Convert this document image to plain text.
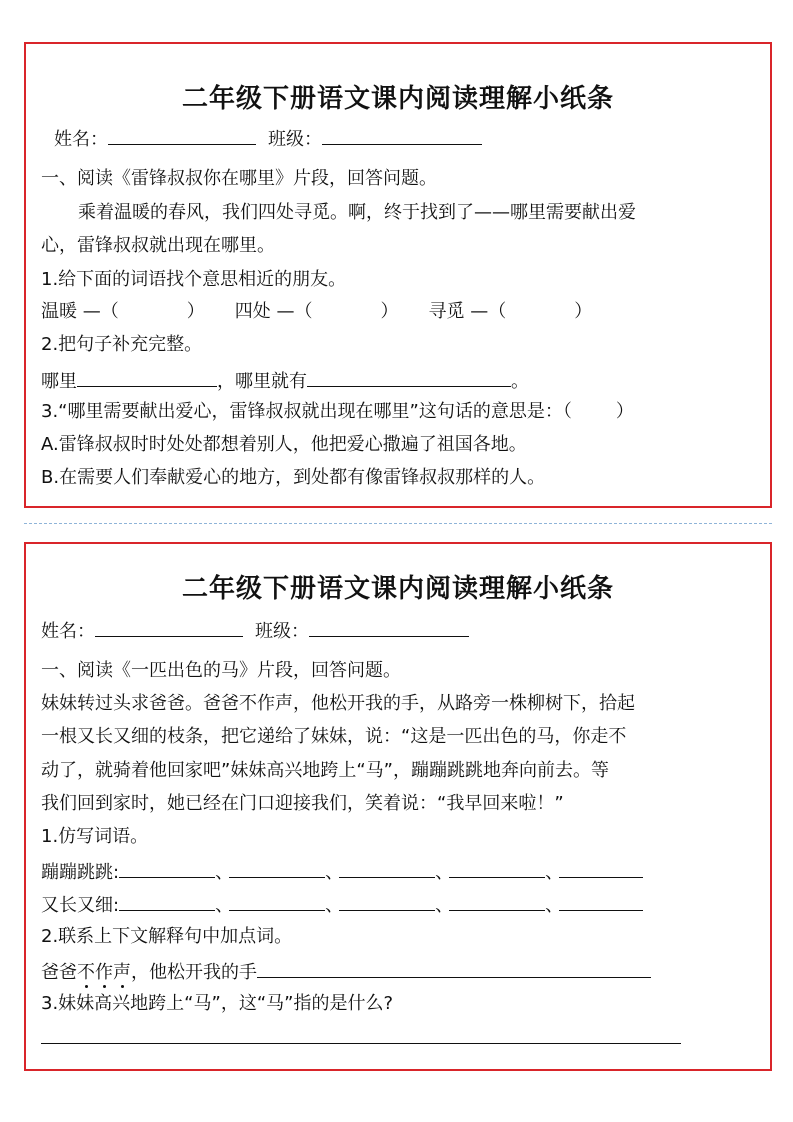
二年级下册语文课内阅读理解小纸条
姓名：	班级：
一、阅读《雷锋叔叔你在哪里》片段，回答问题。
乘着温暖的春风，我们四处寻觅。啊，终于找到了——哪里需要献出爱
心，雷锋叔叔就出现在哪里。
1.给下面的词语找个意思相近的朋友。
温暖 —（	） 四处 —（	） 寻觅 —（	）
2.把句子补充完整。
哪里	，哪里就有	。
3.“哪里需要献出爱心，雷锋叔叔就出现在哪里”这句话的意思是：（ ）
A.雷锋叔叔时时处处都想着别人，他把爱心撒遍了祖国各地。
B.在需要人们奉献爱心的地方，到处都有像雷锋叔叔那样的人。
二年级下册语文课内阅读理解小纸条
姓名：	班级：
一、阅读《一匹出色的马》片段，回答问题。
妹妹转过头求爸爸。爸爸不作声，他松开我的手，从路旁一株柳树下，拾起
一根又长又细的枝条，把它递给了妹妹，说：“这是一匹出色的马，你走不
动了，就骑着他回家吧”妹妹高兴地跨上“马”，蹦蹦跳跳地奔向前去。等
我们回到家时，她已经在门口迎接我们，笑着说：“我早回来啦！”
1.仿写词语。
蹦蹦跳跳:	、	、	、	、
又长又细:	、	、	、	、
2.联系上下文解释句中加点词。
爸爸不作声，他松开我的手
3.妹妹高兴地跨上“马”，这“马”指的是什么?
